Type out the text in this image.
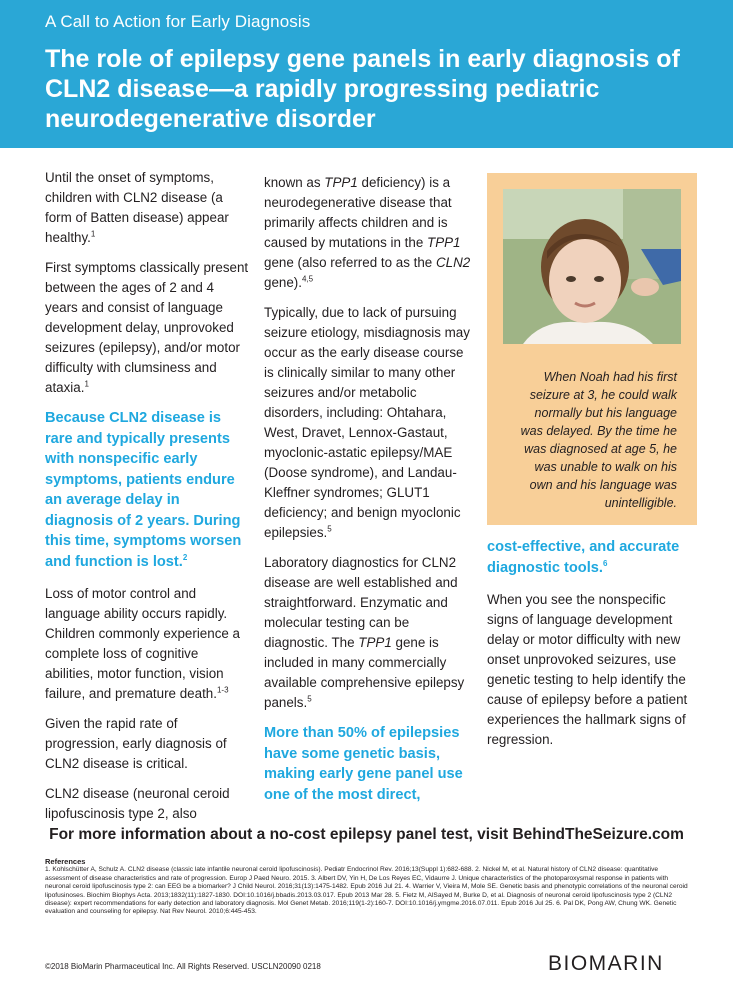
A Call to Action for Early Diagnosis
The role of epilepsy gene panels in early diagnosis of CLN2 disease—a rapidly progressing pediatric neurodegenerative disorder

Until the onset of symptoms, children with CLN2 disease (a form of Batten disease) appear healthy.$^1$

First symptoms classically present between the ages of 2 and 4 years and consist of language development delay, unprovoked seizures (epilepsy), and/or motor difficulty with clumsiness and ataxia.$^1$

Because CLN2 disease is rare and typically presents with nonspecific early symptoms, patients endure an average delay in diagnosis of 2 years. During this time, symptoms worsen and function is lost.$^2$

Loss of motor control and language ability occurs rapidly. Children commonly experience a complete loss of cognitive abilities, motor function, vision failure, and premature death.$^{1-3}$

Given the rapid rate of progression, early diagnosis of CLN2 disease is critical.

CLN2 disease (neuronal ceroid lipofuscinosis type 2, also

known as TPP1 deficiency) is a neurodegenerative disease that primarily affects children and is caused by mutations in the TPP1 gene (also referred to as the CLN2 gene).$^{4,5}$

Typically, due to lack of pursuing seizure etiology, misdiagnosis may occur as the early disease course is clinically similar to many other seizures and/or metabolic disorders, including: Ohtahara, West, Dravet, Lennox-Gastaut, myoclonic-astatic epilepsy/MAE (Doose syndrome), and Landau-Kleffner syndromes; GLUT1 deficiency; and benign myoclonic epilepsies.$^5$

Laboratory diagnostics for CLN2 disease are well established and straightforward. Enzymatic and molecular testing can be diagnostic. The TPP1 gene is included in many commercially available comprehensive epilepsy panels.$^5$

More than 50% of epilepsies have some genetic basis, making early gene panel use one of the most direct,

When Noah had his first seizure at 3, he could walk normally but his language was delayed. By the time he was diagnosed at age 5, he was unable to walk on his own and his language was unintelligible.

cost-effective, and accurate diagnostic tools.$^6$

When you see the nonspecific signs of language development delay or motor difficulty with new onset unprovoked seizures, use genetic testing to help identify the cause of epilepsy before a patient experiences the hallmark signs of regression.

For more information about a no-cost epilepsy panel test, visit BehindTheSeizure.com
References
1. Kohlschütter A, Schulz A. CLN2 disease (classic late infantile neuronal ceroid lipofuscinosis). Pediatr Endocrinol Rev. 2016;13(Suppl 1):682-688. 2. Nickel M, et al. Natural history of CLN2 disease: quantitative assessment of disease characteristics and rate of progression. Europ J Paed Neuro. 2015. 3. Albert DV, Yin H, De Los Reyes EC, Vidaurre J. Unique characteristics of the photoparoxysmal response in patients with neuronal ceroid lipofuscinosis type 2: can EEG be a biomarker? J Child Neurol. 2016;31(13):1475-1482. Epub 2016 Jul 21. 4. Warrier V, Vieira M, Mole SE. Genetic basis and phenotypic correlations of the neuronal ceroid lipofusinoses. Biochim Biophys Acta. 2013;1832(11):1827-1830. DOI:10.1016/j.bbadis.2013.03.017. Epub 2013 Mar 28. 5. Fietz M, AlSayed M, Burke D, et al. Diagnosis of neuronal ceroid lipofuscinosis type 2 (CLN2 disease): expert recommendations for early detection and laboratory diagnosis. Mol Genet Metab. 2016;119(1-2):160-7. DOI:10.1016/j.ymgme.2016.07.011. Epub 2016 Jul 25. 6. Pal DK, Pong AW, Chung WK. Genetic evaluation and counseling for epilepsy. Nat Rev Neurol. 2010;6:445-453.
©2018 BioMarin Pharmaceutical Inc. All Rights Reserved. USCLN20090 0218	BIOMARIN
